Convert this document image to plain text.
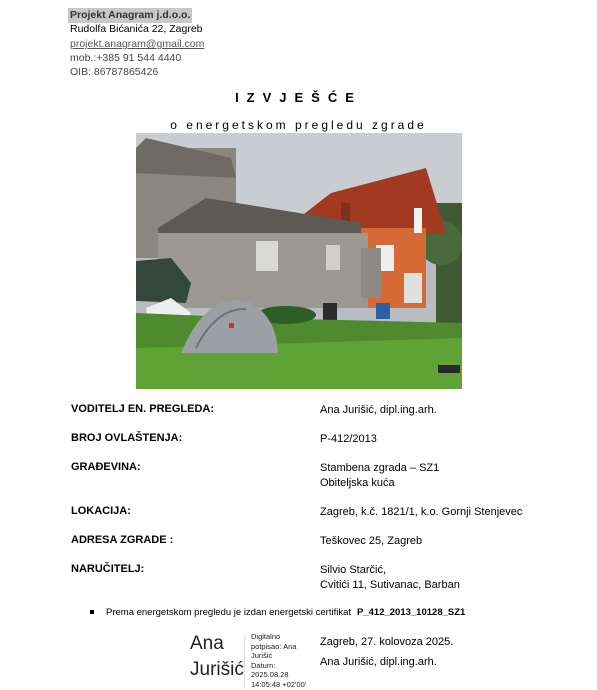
Projekt Anagram j.d.o.o.
Rudolfa Bićanića 22, Zagreb
projekt.anagram@gmail.com
mob.:+385 91 544 4440
OIB: 86787865426
IZVJEŠĆE
o energetskom pregledu zgrade
VODITELJ EN. PREGLEDA:	Ana Jurišić, dipl.ing.arh.
BROJ OVLAŠTENJA:	P-412/2013
GRAĐEVINA:	Stambena zgrada – SZ1
Obiteljska kuća
LOKACIJA:	Zagreb, k.č. 1821/1, k.o. Gornji Stenjevec
ADRESA ZGRADE :	Teškovec 25, Zagreb
NARUČITELJ:	Silvio Starčić,
Cvitići 11, Sutivanac, Barban
Prema energetskom pregledu je izdan energetski certifikat P_412_2013_10128_SZ1
Ana
Jurišić
Digitalno
potpisao: Ana
Jurišić
Datum:
2025.08.28
14:05:48 +02'00'
Zagreb, 27. kolovoza 2025.
Ana Jurišić, dipl.ing.arh.
